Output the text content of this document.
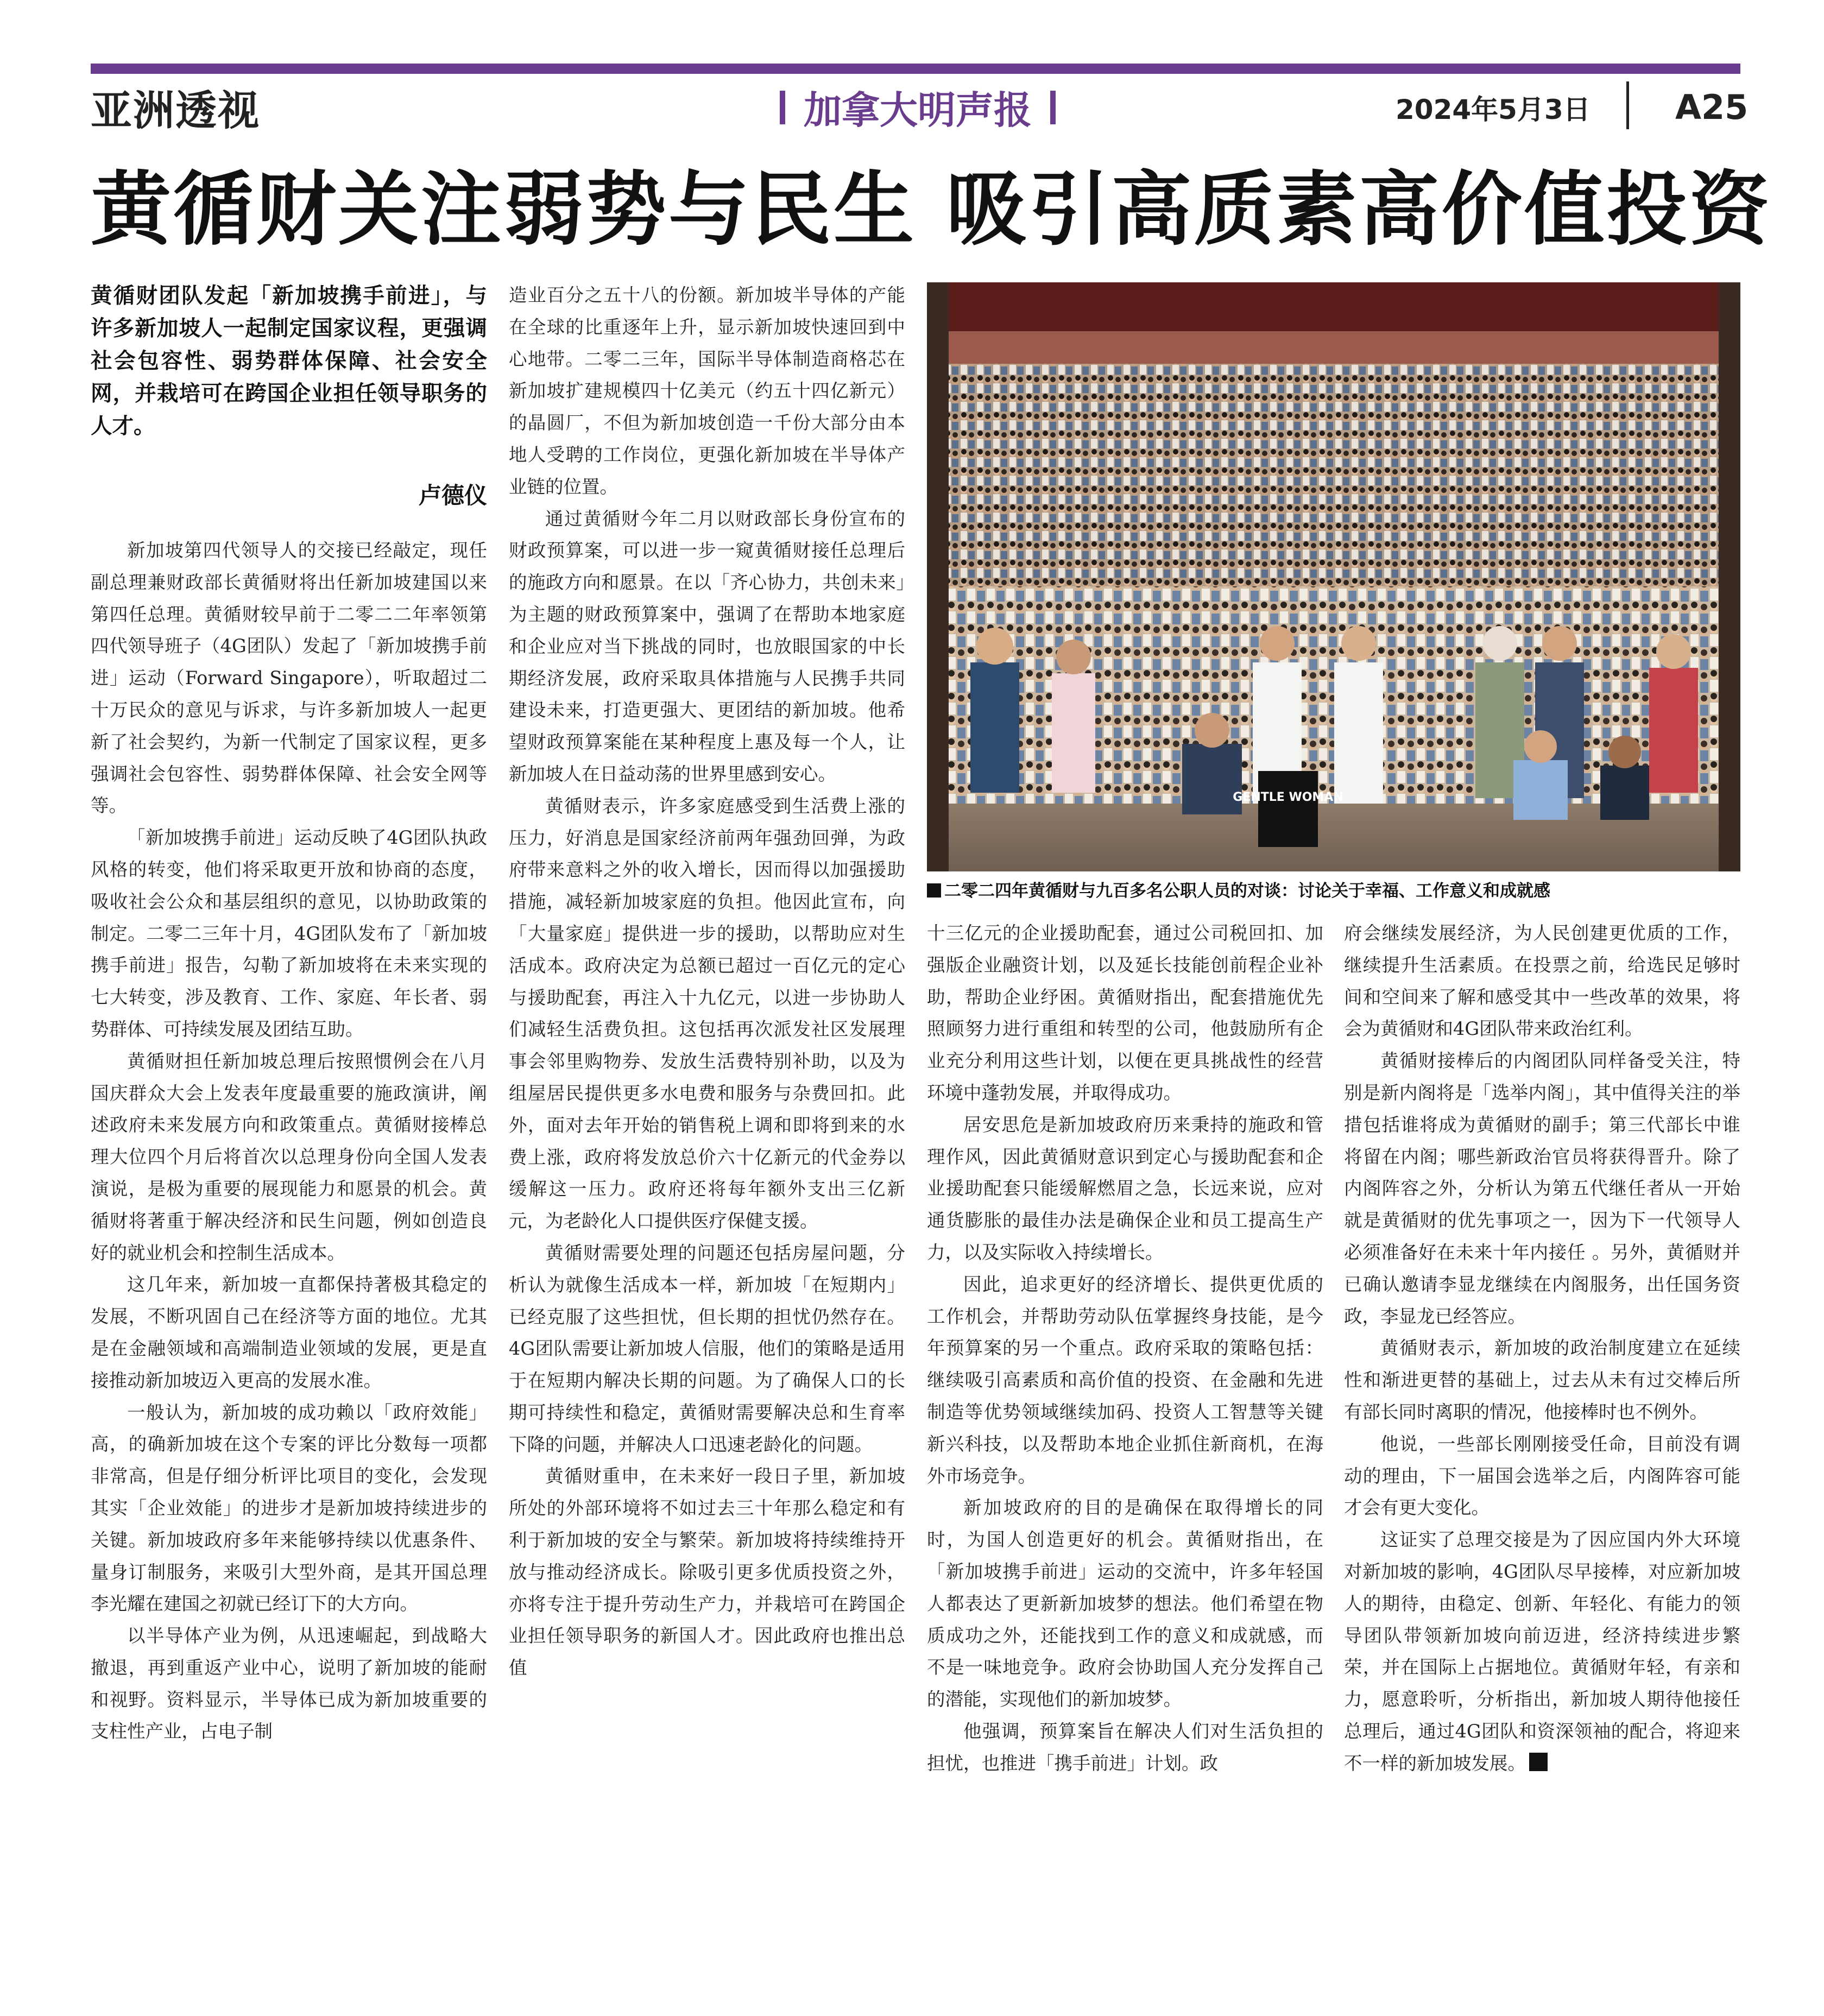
亚洲透视	加拿大 明声报	2024年5月3日	A25
黄循财关注弱势与民生 吸引高质素高价值投资
黄循财团队发起「新加坡携手前进」，与许多新加坡人一起制定国家议程，更强调社会包容性、弱势群体保障、社会安全网，并栽培可在跨国企业担任领导职务的人才。
卢德仪

新加坡第四代领导人的交接已经敲定，现任副总理兼财政部长黄循财将出任新加坡建国以来第四任总理。黄循财较早前于二零二二年率领第四代领导班子（4G团队）发起了「新加坡携手前进」运动（Forward Singapore），听取超过二十万民众的意见与诉求，与许多新加坡人一起更新了社会契约，为新一代制定了国家议程，更多强调社会包容性、弱势群体保障、社会安全网等等。

「新加坡携手前进」运动反映了4G团队执政风格的转变，他们将采取更开放和协商的态度，吸收社会公众和基层组织的意见，以协助政策的制定。二零二三年十月，4G团队发布了「新加坡携手前进」报告，勾勒了新加坡将在未来实现的七大转变，涉及教育、工作、家庭、年长者、弱势群体、可持续发展及团结互助。

黄循财担任新加坡总理后按照惯例会在八月国庆群众大会上发表年度最重要的施政演讲，阐述政府未来发展方向和政策重点。黄循财接棒总理大位四个月后将首次以总理身份向全国人发表演说，是极为重要的展现能力和愿景的机会。黄循财将著重于解决经济和民生问题，例如创造良好的就业机会和控制生活成本。

这几年来，新加坡一直都保持著极其稳定的发展，不断巩固自己在经济等方面的地位。尤其是在金融领域和高端制造业领域的发展，更是直接推动新加坡迈入更高的发展水准。

一般认为，新加坡的成功赖以「政府效能」高，的确新加坡在这个专案的评比分数每一项都非常高，但是仔细分析评比项目的变化，会发现其实「企业效能」的进步才是新加坡持续进步的关键。新加坡政府多年来能够持续以优惠条件、量身订制服务，来吸引大型外商，是其开国总理李光耀在建国之初就已经订下的大方向。

以半导体产业为例，从迅速崛起，到战略大撤退，再到重返产业中心，说明了新加坡的能耐和视野。资料显示，半导体已成为新加坡重要的支柱性产业，占电子制

造业百分之五十八的份额。新加坡半导体的产能在全球的比重逐年上升，显示新加坡快速回到中心地带。二零二三年，国际半导体制造商格芯在新加坡扩建规模四十亿美元（约五十四亿新元）的晶圆厂，不但为新加坡创造一千份大部分由本地人受聘的工作岗位，更强化新加坡在半导体产业链的位置。

通过黄循财今年二月以财政部长身份宣布的财政预算案，可以进一步一窥黄循财接任总理后的施政方向和愿景。在以「齐心协力，共创未来」为主题的财政预算案中，强调了在帮助本地家庭和企业应对当下挑战的同时，也放眼国家的中长期经济发展，政府采取具体措施与人民携手共同建设未来，打造更强大、更团结的新加坡。他希望财政预算案能在某种程度上惠及每一个人，让新加坡人在日益动荡的世界里感到安心。

黄循财表示，许多家庭感受到生活费上涨的压力，好消息是国家经济前两年强劲回弹，为政府带来意料之外的收入增长，因而得以加强援助措施，减轻新加坡家庭的负担。他因此宣布，向「大量家庭」提供进一步的援助，以帮助应对生活成本。政府决定为总额已超过一百亿元的定心与援助配套，再注入十九亿元，以进一步协助人们减轻生活费负担。这包括再次派发社区发展理事会邻里购物券、发放生活费特别补助，以及为组屋居民提供更多水电费和服务与杂费回扣。此外，面对去年开始的销售税上调和即将到来的水费上涨，政府将发放总价六十亿新元的代金券以缓解这一压力。政府还将每年额外支出三亿新元，为老龄化人口提供医疗保健支援。

黄循财需要处理的问题还包括房屋问题，分析认为就像生活成本一样，新加坡「在短期内」已经克服了这些担忧，但长期的担忧仍然存在。4G团队需要让新加坡人信服，他们的策略是适用于在短期内解决长期的问题。为了确保人口的长期可持续性和稳定，黄循财需要解决总和生育率下降的问题，并解决人口迅速老龄化的问题。

黄循财重申，在未来好一段日子里，新加坡所处的外部环境将不如过去三十年那么稳定和有利于新加坡的安全与繁荣。新加坡将持续维持开放与推动经济成长。除吸引更多优质投资之外，亦将专注于提升劳动生产力，并栽培可在跨国企业担任领导职务的新国人才。因此政府也推出总值

GENTLE WOMAN
二零二四年黄循财与九百多名公职人员的对谈：讨论关于幸福、工作意义和成就感

十三亿元的企业援助配套，通过公司税回扣、加强版企业融资计划，以及延长技能创前程企业补助，帮助企业纾困。黄循财指出，配套措施优先照顾努力进行重组和转型的公司，他鼓励所有企业充分利用这些计划，以便在更具挑战性的经营环境中蓬勃发展，并取得成功。

居安思危是新加坡政府历来秉持的施政和管理作风，因此黄循财意识到定心与援助配套和企业援助配套只能缓解燃眉之急，长远来说，应对通货膨胀的最佳办法是确保企业和员工提高生产力，以及实际收入持续增长。

因此，追求更好的经济增长、提供更优质的工作机会，并帮助劳动队伍掌握终身技能，是今年预算案的另一个重点。政府采取的策略包括：继续吸引高素质和高价值的投资、在金融和先进制造等优势领域继续加码、投资人工智慧等关键新兴科技，以及帮助本地企业抓住新商机，在海外市场竞争。

新加坡政府的目的是确保在取得增长的同时，为国人创造更好的机会。黄循财指出，在「新加坡携手前进」运动的交流中，许多年轻国人都表达了更新新加坡梦的想法。他们希望在物质成功之外，还能找到工作的意义和成就感，而不是一味地竞争。政府会协助国人充分发挥自己的潜能，实现他们的新加坡梦。

他强调，预算案旨在解决人们对生活负担的担忧，也推进「携手前进」计划。政

府会继续发展经济，为人民创建更优质的工作，继续提升生活素质。在投票之前，给选民足够时间和空间来了解和感受其中一些改革的效果，将会为黄循财和4G团队带来政治红利。

黄循财接棒后的内阁团队同样备受关注，特别是新内阁将是「选举内阁」，其中值得关注的举措包括谁将成为黄循财的副手；第三代部长中谁将留在内阁；哪些新政治官员将获得晋升。除了内阁阵容之外，分析认为第五代继任者从一开始就是黄循财的优先事项之一，因为下一代领导人必须准备好在未来十年内接任 。另外，黄循财并已确认邀请李显龙继续在内阁服务，出任国务资政，李显龙已经答应。

黄循财表示，新加坡的政治制度建立在延续性和渐进更替的基础上，过去从未有过交棒后所有部长同时离职的情况，他接棒时也不例外。

他说，一些部长刚刚接受任命，目前没有调动的理由，下一届国会选举之后，内阁阵容可能才会有更大变化。

这证实了总理交接是为了因应国内外大环境对新加坡的影响，4G团队尽早接棒，对应新加坡人的期待，由稳定、创新、年轻化、有能力的领导团队带领新加坡向前迈进，经济持续进步繁荣，并在国际上占据地位。黄循财年轻，有亲和力，愿意聆听，分析指出，新加坡人期待他接任总理后，通过4G团队和资深领袖的配合，将迎来不一样的新加坡发展。
